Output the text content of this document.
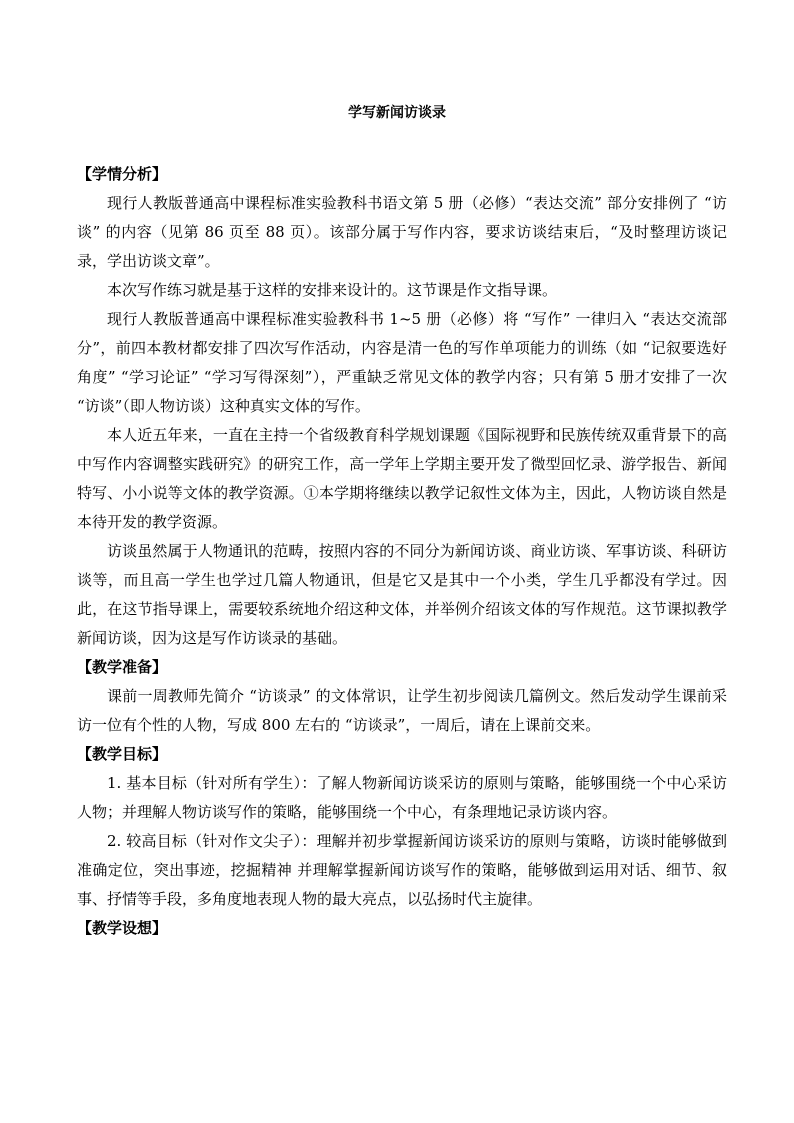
学写新闻访谈录

【学情分析】

现行人教版普通高中课程标准实验教科书语文第 5 册（必修）“表达交流” 部分安排例了 “访谈” 的内容（见第 86 页至 88 页）。该部分属于写作内容，要求访谈结束后，“及时整理访谈记录，学出访谈文章”。

本次写作练习就是基于这样的安排来设计的。这节课是作文指导课。

现行人教版普通高中课程标准实验教科书 1~5 册（必修）将 “写作” 一律归入 “表达交流部分”，前四本教材都安排了四次写作活动，内容是清一色的写作单项能力的训练（如 “记叙要选好角度” “学习论证” “学习写得深刻”），严重缺乏常见文体的教学内容；只有第 5 册才安排了一次 “访谈”（即人物访谈）这种真实文体的写作。

本人近五年来，一直在主持一个省级教育科学规划课题《国际视野和民族传统双重背景下的高中写作内容调整实践研究》的研究工作，高一学年上学期主要开发了微型回忆录、游学报告、新闻特写、小小说等文体的教学资源。①本学期将继续以教学记叙性文体为主，因此，人物访谈自然是本待开发的教学资源。

访谈虽然属于人物通讯的范畴，按照内容的不同分为新闻访谈、商业访谈、军事访谈、科研访谈等，而且高一学生也学过几篇人物通讯，但是它又是其中一个小类，学生几乎都没有学过。因此，在这节指导课上，需要较系统地介绍这种文体，并举例介绍该文体的写作规范。这节课拟教学新闻访谈，因为这是写作访谈录的基础。

【教学准备】

课前一周教师先简介 “访谈录” 的文体常识，让学生初步阅读几篇例文。然后发动学生课前采访一位有个性的人物，写成 800 左右的 “访谈录”，一周后，请在上课前交来。

【教学目标】

1. 基本目标（针对所有学生）：了解人物新闻访谈采访的原则与策略，能够围绕一个中心采访人物；并理解人物访谈写作的策略，能够围绕一个中心，有条理地记录访谈内容。

2. 较高目标（针对作文尖子）：理解并初步掌握新闻访谈采访的原则与策略，访谈时能够做到准确定位，突出事迹，挖掘精神 并理解掌握新闻访谈写作的策略，能够做到运用对话、细节、叙事、抒情等手段，多角度地表现人物的最大亮点，以弘扬时代主旋律。

【教学设想】
